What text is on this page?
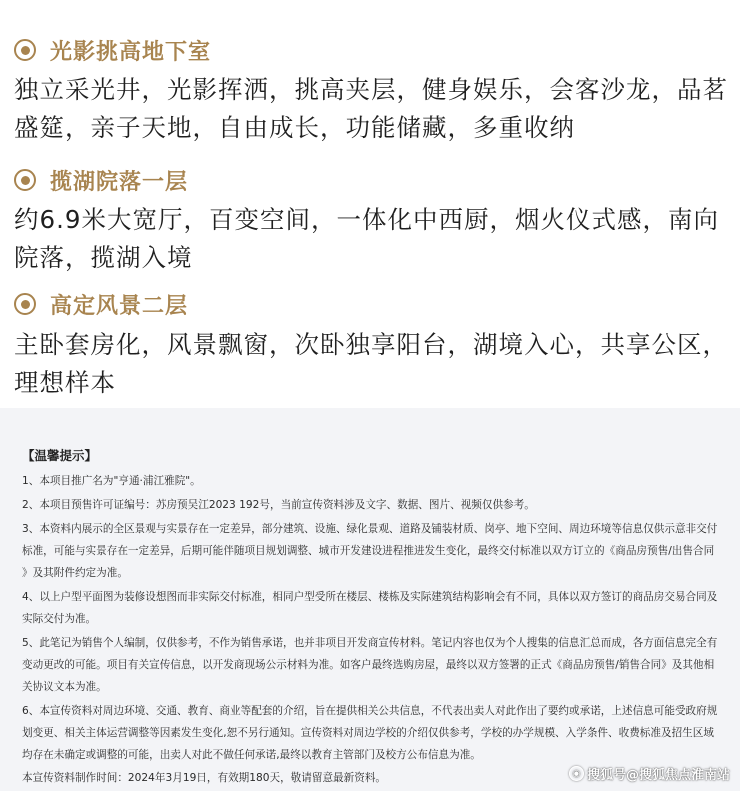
光影挑高地下室
独立采光井，光影挥洒，挑高夹层，健身娱乐，会客沙龙，品茗
盛筵，亲子天地，自由成长，功能储藏，多重收纳
揽湖院落一层
约6.9米大宽厅，百变空间，一体化中西厨，烟火仪式感，南向
院落，揽湖入境
高定风景二层
主卧套房化，风景飘窗，次卧独享阳台，湖境入心，共享公区，
理想样本
【温馨提示】
1、本项目推广名为"亨通·浦江雅院"。
2、本项目预售许可证编号：苏房预吴江2023 192号，当前宣传资料涉及文字、数据、图片、视频仅供参考。
3、本资料内展示的全区景观与实景存在一定差异，部分建筑、设施、绿化景观、道路及铺装材质、岗亭、地下空间、周边环境等信息仅供示意非交付
标准，可能与实景存在一定差异，后期可能伴随项目规划调整、城市开发建设进程推进发生变化，最终交付标准以双方订立的《商品房预售/出售合同
》及其附件约定为准。
4、以上户型平面图为装修设想图而非实际交付标准，相同户型受所在楼层、楼栋及实际建筑结构影响会有不同，具体以双方签订的商品房交易合同及
实际交付为准。
5、此笔记为销售个人编制，仅供参考，不作为销售承诺，也并非项目开发商宣传材料。笔记内容也仅为个人搜集的信息汇总而成，各方面信息完全有
变动更改的可能。项目有关宣传信息，以开发商现场公示材料为准。如客户最终选购房屋，最终以双方签署的正式《商品房预售/销售合同》及其他相
关协议文本为准。
6、本宣传资料对周边环境、交通、教育、商业等配套的介绍，旨在提供相关公共信息，不代表出卖人对此作出了要约或承诺，上述信息可能受政府规
划变更、相关主体运营调整等因素发生变化,恕不另行通知。宣传资料对周边学校的介绍仅供参考，学校的办学规模、入学条件、收费标准及招生区域
均存在未确定或调整的可能，出卖人对此不做任何承诺,最终以教育主管部门及校方公布信息为准。
本宣传资料制作时间：2024年3月19日，有效期180天，敬请留意最新资料。	◉ 搜狐号@搜狐焦点淮南站
